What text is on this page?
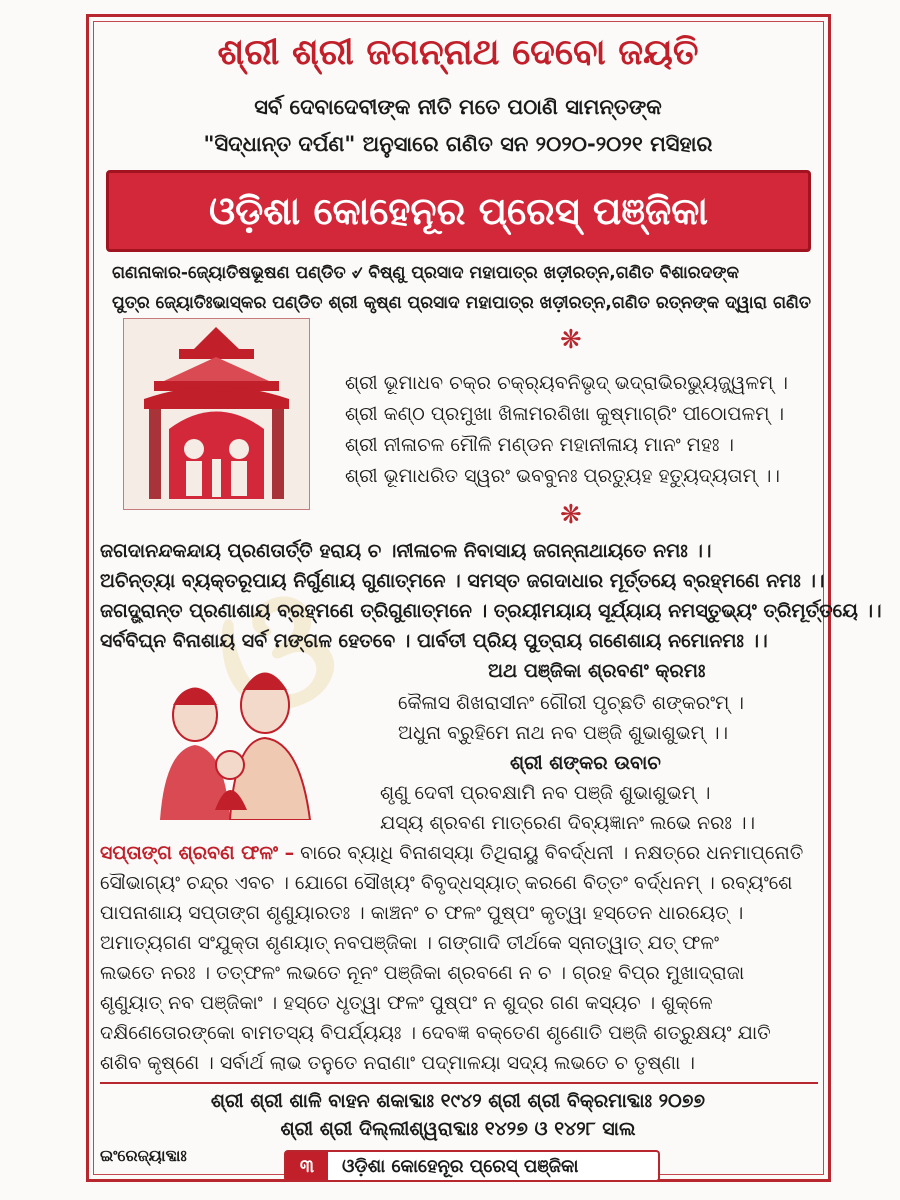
ଓ
ଶ୍ରୀ ଶ୍ରୀ ଜଗନ୍ନାଥ ଦେବୋ ଜୟତି
ସର୍ବ ଦେବାଦେବୀଙ୍କ ନୀତି ମତେ ପଠାଣି ସାମନ୍ତଙ୍କ
"ସିଦ୍ଧାନ୍ତ ଦର୍ପଣ" ଅନୁସାରେ ଗଣିତ ସନ ୨୦୨୦-୨୦୨୧ ମସିହାର
ଓଡ଼ିଶା କୋହେନୂର ପ୍ରେସ୍ ପଞ୍ଜିକା
ଗଣନାକାର-ଜ୍ୟୋତିଷଭୂଷଣ ପଣ୍ଡିତ ୰ ବିଷ୍ଣୁ ପ୍ରସାଦ ମହାପାତ୍ର ଖଡ଼ୀରତ୍ନ,ଗଣିତ ବିଶାରଦଙ୍କ
ପୁତ୍ର ଜ୍ୟୋତିଃଭାସ୍କର ପଣ୍ଡିତ ଶ୍ରୀ କୃଷ୍ଣ ପ୍ରସାଦ ମହାପାତ୍ର ଖଡ଼ୀରତ୍ନ,ଗଣିତ ରତ୍ନଙ୍କ ଦ୍ୱାରା ଗଣିତ
❋
ଶ୍ରୀ ଭୂମାଧବ ଚକ୍ର ଚକ୍ର୍ୟବନିଭୃଦ୍ ଭଦ୍ରାଭିରଭ୍ୟୁଜ୍ଜ୍ୱଳମ୍ ।
ଶ୍ରୀ କଣ୍ଠ ପ୍ରମୁଖା ଖିଳାମରଶିଖା କୁଷ୍ମାଗ୍ରିଂ ପୀଠୋପଳମ୍ ।
ଶ୍ରୀ ନୀଳାଚଳ ମୌଳି ମଣ୍ଡନ ମହାନୀଳାୟ ମାନଂ ମହଃ ।
ଶ୍ରୀ ଭୂମାଧରିତ ସ୍ୱରଂ ଭବବୁନଃ ପ୍ରତ୍ୟୁହ ହତ୍ୟୁଦ୍ୟତାମ୍ ।।
❋
ଜଗଦାନନ୍ଦକନ୍ଦାୟ ପ୍ରଣତାର୍ତ୍ତି ହରାୟ ଚ ।ନୀଳାଚଳ ନିବାସାୟ ଜଗନ୍ନାଥାୟତେ ନମଃ ।।
ଅଚିନ୍ତ୍ୟା ବ୍ୟକ୍ତରୂପାୟ ନିର୍ଗୁଣାୟ ଗୁଣାତ୍ମନେ । ସମସ୍ତ ଜଗଦାଧାର ମୂର୍ତ୍ତୟେ ବ୍ରହ୍ମଣେ ନମଃ ।।
ଜଗଦ୍ଭ୍ରାନ୍ତ ପ୍ରଣାଶାୟ ବ୍ରହ୍ମଣେ ତ୍ରିଗୁଣାତ୍ମନେ । ତ୍ରୟୀମୟାୟ ସୂର୍ଯ୍ୟାୟ ନମସ୍ତୁଭ୍ୟଂ ତ୍ରିମୂର୍ତ୍ତୟେ ।।
ସର୍ବବିଘ୍ନ ବିନାଶାୟ ସର୍ବ ମଙ୍ଗଳ ହେତବେ । ପାର୍ବତୀ ପ୍ରିୟ ପୁତ୍ରାୟ ଗଣେଶାୟ ନମୋନମଃ ।।
ଅଥ ପଞ୍ଜିକା ଶ୍ରବଣଂ କ୍ରମଃ
କୈଳାସ ଶିଖରାସୀନଂ ଗୌରୀ ପୃଚ୍ଛତି ଶଙ୍କରଂମ୍ ।
ଅଧୁନା ବ୍ରୁହିମେ ନାଥ ନବ ପଞ୍ଜି ଶୁଭାଶୁଭମ୍ ।।
ଶ୍ରୀ ଶଙ୍କର ଉବାଚ
ଶୃଣୁ ଦେବୀ ପ୍ରବକ୍ଷାମି ନବ ପଞ୍ଜି ଶୁଭାଶୁଭମ୍ ।
ଯସ୍ୟ ଶ୍ରବଣ ମାତ୍ରେଣ ଦିବ୍ୟଜ୍ଞାନଂ ଲଭେ ନରଃ ।।
ସପ୍ତାଙ୍ଗ ଶ୍ରବଣ ଫଳଂ – ବାରେ ବ୍ୟାଧି ବିନାଶସ୍ୟା ତିଥିରାୟୁ ବିବର୍ଦ୍ଧନୀ । ନକ୍ଷତ୍ରେ ଧନମାପ୍ନୋତି
ସୌଭାଗ୍ୟଂ ଚନ୍ଦ୍ର ଏବଚ । ଯୋଗେ ସୌଖ୍ୟଂ ବିବୃଦ୍ଧସ୍ୟାତ୍ କରଣେ ବିତ୍ତଂ ବର୍ଦ୍ଧନମ୍ । ରବ୍ୟଂଶେ
ପାପନାଶାୟ ସପ୍ତାଙ୍ଗ ଶୃଣୁୟାରତଃ । କାଞ୍ଚନଂ ଚ ଫଳଂ ପୁଷ୍ପଂ କୃତ୍ୱା ହସ୍ତେନ ଧାରୟେତ୍ ।
ଅମାତ୍ୟଗଣ ସଂଯୁକ୍ତା ଶୃଣୟାତ୍ ନବପଞ୍ଜିକା । ଗଙ୍ଗାଦି ତୀର୍ଥକେ ସ୍ନାତ୍ୱାତ୍ ଯତ୍ ଫଳଂ
ଲଭତେ ନରଃ । ତତ୍‌ଫଳଂ ଲଭତେ ନୂନଂ ପଞ୍ଜିକା ଶ୍ରବଣେ ନ ଚ । ଗ୍ରହ ବିପ୍ର ମୁଖାଦ୍ରାଜା
ଶୃଣୁୟାତ୍ ନବ ପଞ୍ଜିକାଂ । ହସ୍ତେ ଧୃତ୍ୱା ଫଳଂ ପୁଷ୍ପଂ ନ ଶୁଦ୍ର ଗଣ କସ୍ୟଚ । ଶୁକ୍ଳେ
ଦକ୍ଷିଣେତୋରଙ୍କୋ ବାମତସ୍ୟ ବିପର୍ଯ୍ୟୟଃ । ଦେବଜ୍ଞ ବକ୍ତେଣ ଶୃଣୋତି ପଞ୍ଜି ଶତ୍ରୁକ୍ଷୟଂ ଯାତି
ଶଶିବ କୃଷ୍ଣେ । ସର୍ବାର୍ଥ ଲାଭ ତନୁତେ ନରାଣାଂ ପଦ୍ମାଳୟା ସଦ୍ୟ ଲଭତେ ଚ ତୃଷ୍ଣା ।
ଶ୍ରୀ ଶ୍ରୀ ଶାଳି ବାହନ ଶକାବ୍ଦାଃ ୧୯୪୨ ଶ୍ରୀ ଶ୍ରୀ ବିକ୍ରମାବ୍ଦାଃ ୨୦୭୭
ଶ୍ରୀ ଶ୍ରୀ ଦିଲ୍ଲୀଶ୍ୱରାବ୍ଦାଃ ୧୪୨୭ ଓ ୧୪୨୮ ସାଲ
୩	ଓଡ଼ିଶା କୋହେନୂର ପ୍ରେସ୍ ପଞ୍ଜିକା
ଇଂରେଜ୍ୟାବ୍ଦାଃ
